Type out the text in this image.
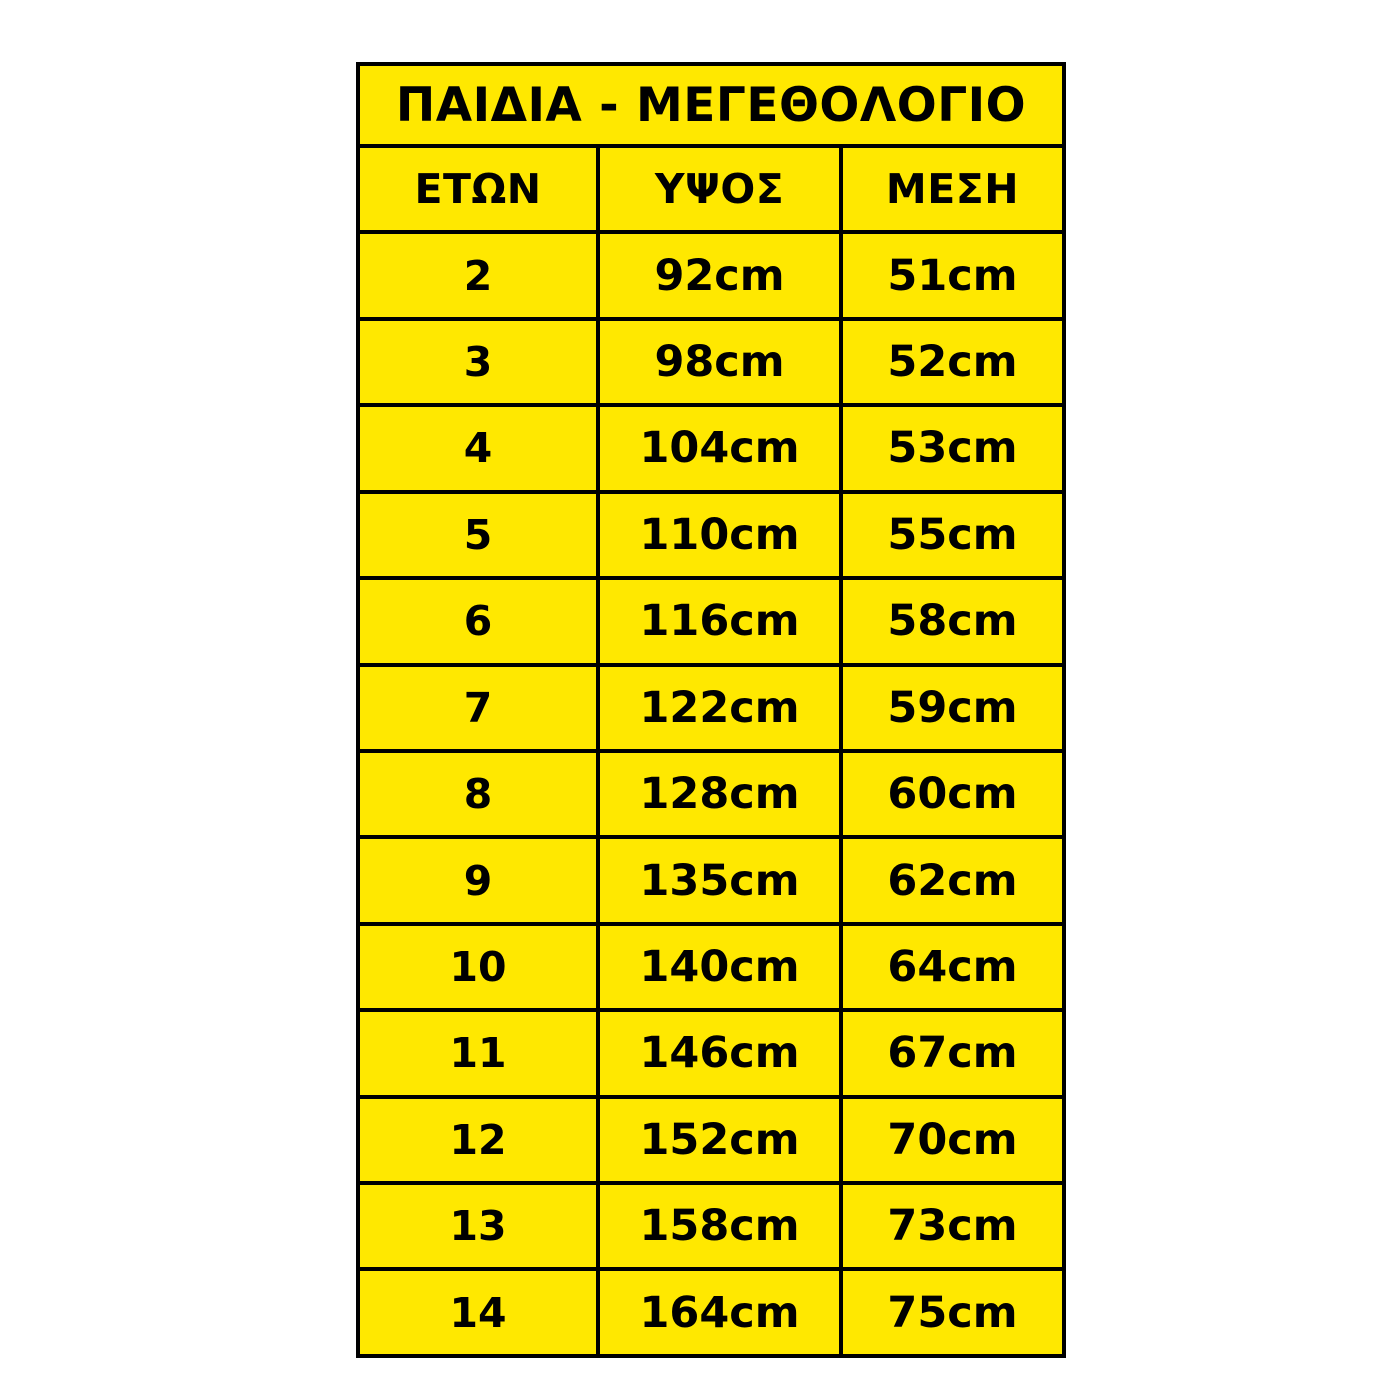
ΠΑΙΔΙΑ - ΜΕΓΕΘΟΛΟΓΙΟ
ΕΤΩΝ	ΥΨΟΣ	ΜΕΣΗ
2	92cm	51cm
3	98cm	52cm
4	104cm	53cm
5	110cm	55cm
6	116cm	58cm
7	122cm	59cm
8	128cm	60cm
9	135cm	62cm
10	140cm	64cm
11	146cm	67cm
12	152cm	70cm
13	158cm	73cm
14	164cm	75cm
